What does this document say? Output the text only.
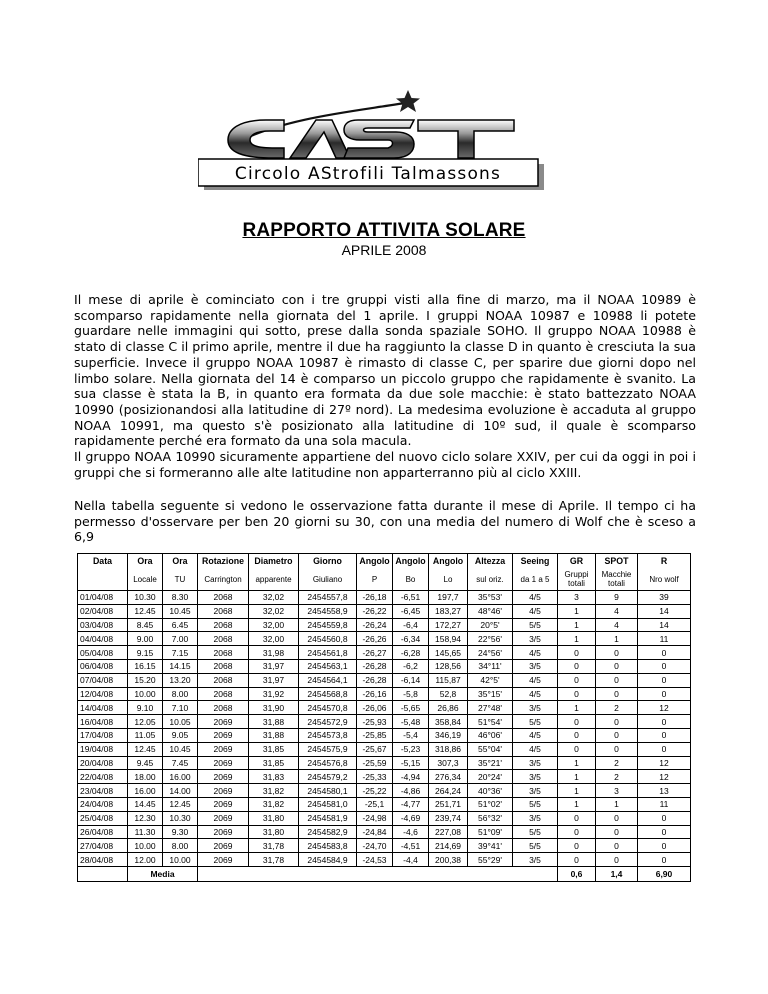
Circolo AStrofili Talmassons
RAPPORTO ATTIVITA SOLARE
APRILE 2008

Il mese di aprile è cominciato con i tre gruppi visti alla fine di marzo, ma il NOAA 10989 è scomparso rapidamente nella giornata del 1 aprile. I gruppi NOAA 10987 e 10988 li potete guardare nelle immagini qui sotto, prese dalla sonda spaziale SOHO. Il gruppo NOAA 10988 è stato di classe C il primo aprile, mentre il due ha raggiunto la classe D in quanto è cresciuta la sua superficie. Invece il gruppo NOAA 10987 è rimasto di classe C, per sparire due giorni dopo nel limbo solare. Nella giornata del 14 è comparso un piccolo gruppo che rapidamente è svanito. La sua classe è stata la B, in quanto era formata da due sole macchie: è stato battezzato NOAA 10990 (posizionandosi alla latitudine di 27º nord). La medesima evoluzione è accaduta al gruppo NOAA 10991, ma questo s'è posizionato alla latitudine di 10º sud, il quale è scomparso rapidamente perché era formato da una sola macula.

Il gruppo NOAA 10990 sicuramente appartiene del nuovo ciclo solare XXIV, per cui da oggi in poi i gruppi che si formeranno alle alte latitudine non apparterranno più al ciclo XXIII.

Nella tabella seguente si vedono le osservazione fatta durante il mese di Aprile. Il tempo ci ha permesso d'osservare per ben 20 giorni su 30, con una media del numero di Wolf che è sceso a 6,9

Data	Ora	Ora	Rotazione	Diametro	Giorno	Angolo	Angolo	Angolo	Altezza	Seeing	GR	SPOT	R
	Locale	TU	Carrington	apparente	Giuliano	P	Bo	Lo	sul oriz.	da 1 a 5	Gruppi totali	Macchie totali	Nro wolf
01/04/08	10.30	8.30	2068	32,02	2454557,8	-26,18	-6,51	197,7	35°53'	4/5	3	9	39
02/04/08	12.45	10.45	2068	32,02	2454558,9	-26,22	-6,45	183,27	48°46'	4/5	1	4	14
03/04/08	8.45	6.45	2068	32,00	2454559,8	-26,24	-6,4	172,27	20°5'	5/5	1	4	14
04/04/08	9.00	7.00	2068	32,00	2454560,8	-26,26	-6,34	158,94	22°56'	3/5	1	1	11
05/04/08	9.15	7.15	2068	31,98	2454561,8	-26,27	-6,28	145,65	24°56'	4/5	0	0	0
06/04/08	16.15	14.15	2068	31,97	2454563,1	-26,28	-6,2	128,56	34°11'	3/5	0	0	0
07/04/08	15.20	13.20	2068	31,97	2454564,1	-26,28	-6,14	115,87	42°5'	4/5	0	0	0
12/04/08	10.00	8.00	2068	31,92	2454568,8	-26,16	-5,8	52,8	35°15'	4/5	0	0	0
14/04/08	9.10	7.10	2068	31,90	2454570,8	-26,06	-5,65	26,86	27°48'	3/5	1	2	12
16/04/08	12.05	10.05	2069	31,88	2454572,9	-25,93	-5,48	358,84	51°54'	5/5	0	0	0
17/04/08	11.05	9.05	2069	31,88	2454573,8	-25,85	-5,4	346,19	46°06'	4/5	0	0	0
19/04/08	12.45	10.45	2069	31,85	2454575,9	-25,67	-5,23	318,86	55°04'	4/5	0	0	0
20/04/08	9.45	7.45	2069	31,85	2454576,8	-25,59	-5,15	307,3	35°21'	3/5	1	2	12
22/04/08	18.00	16.00	2069	31,83	2454579,2	-25,33	-4,94	276,34	20°24'	3/5	1	2	12
23/04/08	16.00	14.00	2069	31,82	2454580,1	-25,22	-4,86	264,24	40°36'	3/5	1	3	13
24/04/08	14.45	12.45	2069	31,82	2454581,0	-25,1	-4,77	251,71	51°02'	5/5	1	1	11
25/04/08	12.30	10.30	2069	31,80	2454581,9	-24,98	-4,69	239,74	56°32'	3/5	0	0	0
26/04/08	11.30	9.30	2069	31,80	2454582,9	-24,84	-4,6	227,08	51°09'	5/5	0	0	0
27/04/08	10.00	8.00	2069	31,78	2454583,8	-24,70	-4,51	214,69	39°41'	5/5	0	0	0
28/04/08	12.00	10.00	2069	31,78	2454584,9	-24,53	-4,4	200,38	55°29'	3/5	0	0	0
	Media										0,6	1,4	6,90
